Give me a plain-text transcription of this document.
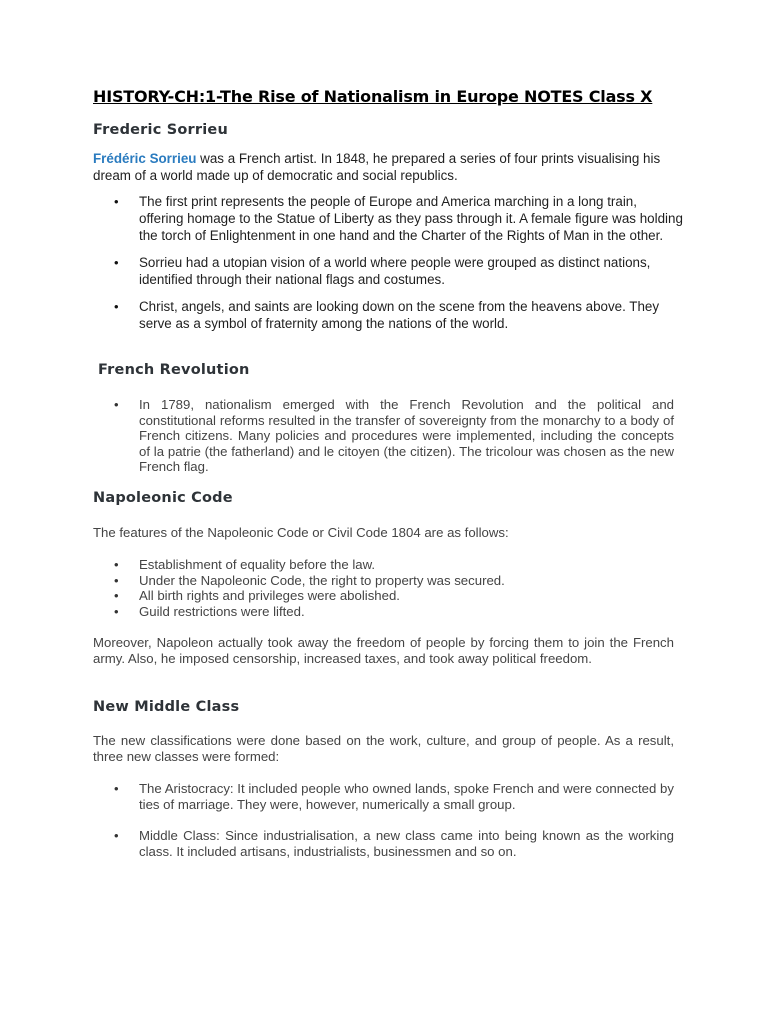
HISTORY-CH:1-The Rise of Nationalism in Europe NOTES Class X
Frederic Sorrieu

Frédéric Sorrieu was a French artist. In 1848, he prepared a series of four prints visualising his dream of a world made up of democratic and social republics.

• The first print represents the people of Europe and America marching in a long train, offering homage to the Statue of Liberty as they pass through it. A female figure was holding the torch of Enlightenment in one hand and the Charter of the Rights of Man in the other.
• Sorrieu had a utopian vision of a world where people were grouped as distinct nations, identified through their national flags and costumes.
• Christ, angels, and saints are looking down on the scene from the heavens above. They serve as a symbol of fraternity among the nations of the world.
French Revolution
• In 1789, nationalism emerged with the French Revolution and the political and constitutional reforms resulted in the transfer of sovereignty from the monarchy to a body of French citizens. Many policies and procedures were implemented, including the concepts of la patrie (the fatherland) and le citoyen (the citizen). The tricolour was chosen as the new French flag.
Napoleonic Code

The features of the Napoleonic Code or Civil Code 1804 are as follows:

• Establishment of equality before the law.
• Under the Napoleonic Code, the right to property was secured.
• All birth rights and privileges were abolished.
• Guild restrictions were lifted.

Moreover, Napoleon actually took away the freedom of people by forcing them to join the French army. Also, he imposed censorship, increased taxes, and took away political freedom.

New Middle Class

The new classifications were done based on the work, culture, and group of people. As a result, three new classes were formed:

• The Aristocracy: It included people who owned lands, spoke French and were connected by ties of marriage. They were, however, numerically a small group.
• Middle Class: Since industrialisation, a new class came into being known as the working class. It included artisans, industrialists, businessmen and so on.
